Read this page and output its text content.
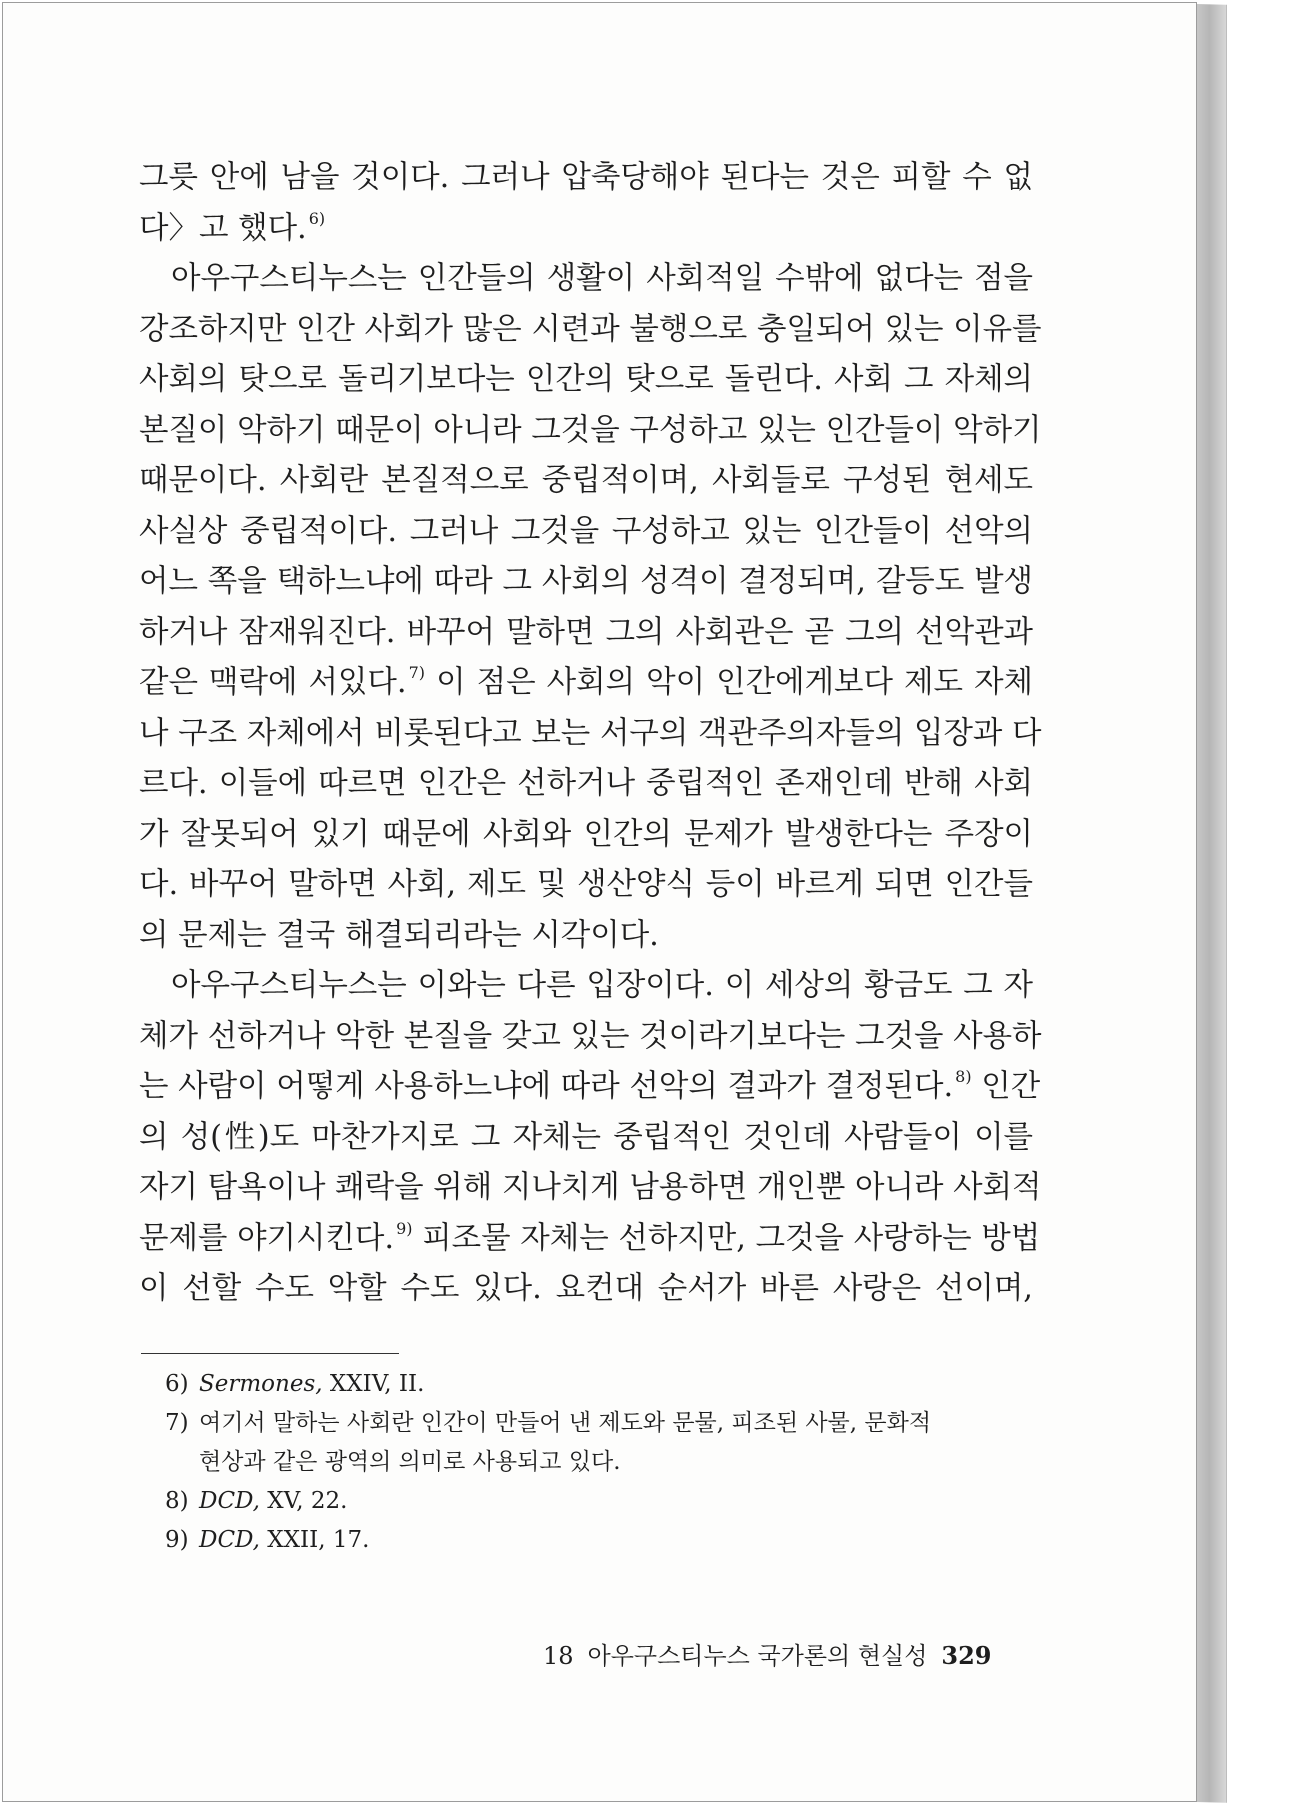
그릇 안에 남을 것이다. 그러나 압축당해야 된다는 것은 피할 수 없
다〉고 했다. $^{6)}$
아우구스티누스는 인간들의 생활이 사회적일 수밖에 없다는 점을
강조하지만 인간 사회가 많은 시련과 불행으로 충일되어 있는 이유를
사회의 탓으로 돌리기보다는 인간의 탓으로 돌린다. 사회 그 자체의
본질이 악하기 때문이 아니라 그것을 구성하고 있는 인간들이 악하기
때문이다. 사회란 본질적으로 중립적이며, 사회들로 구성된 현세도
사실상 중립적이다. 그러나 그것을 구성하고 있는 인간들이 선악의
어느 쪽을 택하느냐에 따라 그 사회의 성격이 결정되며, 갈등도 발생
하거나 잠재워진다. 바꾸어 말하면 그의 사회관은 곧 그의 선악관과
같은 맥락에 서있다. $^{7)}$ 이 점은 사회의 악이 인간에게보다 제도 자체
나 구조 자체에서 비롯된다고 보는 서구의 객관주의자들의 입장과 다
르다. 이들에 따르면 인간은 선하거나 중립적인 존재인데 반해 사회
가 잘못되어 있기 때문에 사회와 인간의 문제가 발생한다는 주장이
다. 바꾸어 말하면 사회, 제도 및 생산양식 등이 바르게 되면 인간들
의 문제는 결국 해결되리라는 시각이다.
아우구스티누스는 이와는 다른 입장이다. 이 세상의 황금도 그 자
체가 선하거나 악한 본질을 갖고 있는 것이라기보다는 그것을 사용하
는 사람이 어떻게 사용하느냐에 따라 선악의 결과가 결정된다. $^{8)}$ 인간
의 성(性)도 마찬가지로 그 자체는 중립적인 것인데 사람들이 이를
자기 탐욕이나 쾌락을 위해 지나치게 남용하면 개인뿐 아니라 사회적
문제를 야기시킨다. $^{9)}$ 피조물 자체는 선하지만, 그것을 사랑하는 방법
이 선할 수도 악할 수도 있다. 요컨대 순서가 바른 사랑은 선이며,
6) Sermones, XXIV, II.
7) 여기서 말하는 사회란 인간이 만들어 낸 제도와 문물, 피조된 사물, 문화적
현상과 같은 광역의 의미로 사용되고 있다.
8) DCD, XV, 22.
9) DCD, XXII, 17.
18 아우구스티누스 국가론의 현실성 329
